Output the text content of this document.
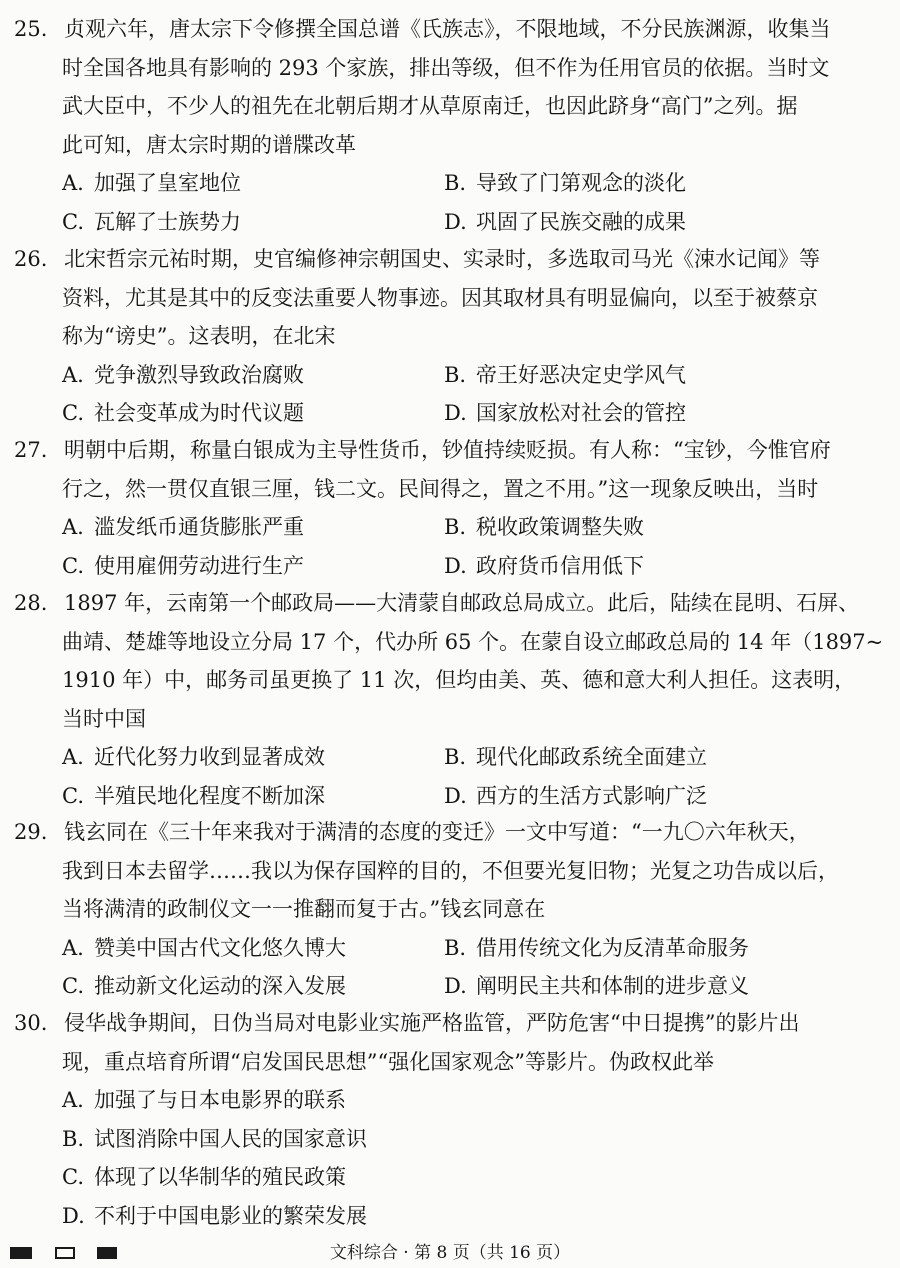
25. 贞观六年，唐太宗下令修撰全国总谱《氏族志》，不限地域，不分民族渊源，收集当
时全国各地具有影响的 293 个家族，排出等级，但不作为任用官员的依据。当时文
武大臣中，不少人的祖先在北朝后期才从草原南迁，也因此跻身“高门”之列。据
此可知，唐太宗时期的谱牒改革
A. 加强了皇室地位	B. 导致了门第观念的淡化
C. 瓦解了士族势力	D. 巩固了民族交融的成果
26. 北宋哲宗元祐时期，史官编修神宗朝国史、实录时，多选取司马光《涑水记闻》等
资料，尤其是其中的反变法重要人物事迹。因其取材具有明显偏向，以至于被蔡京
称为“谤史”。这表明，在北宋
A. 党争激烈导致政治腐败	B. 帝王好恶决定史学风气
C. 社会变革成为时代议题	D. 国家放松对社会的管控
27. 明朝中后期，称量白银成为主导性货币，钞值持续贬损。有人称：“宝钞，今惟官府
行之，然一贯仅直银三厘，钱二文。民间得之，置之不用。”这一现象反映出，当时
A. 滥发纸币通货膨胀严重	B. 税收政策调整失败
C. 使用雇佣劳动进行生产	D. 政府货币信用低下
28. 1897 年，云南第一个邮政局——大清蒙自邮政总局成立。此后，陆续在昆明、石屏、
曲靖、楚雄等地设立分局 17 个，代办所 65 个。在蒙自设立邮政总局的 14 年（1897~
1910 年）中，邮务司虽更换了 11 次，但均由美、英、德和意大利人担任。这表明，
当时中国
A. 近代化努力收到显著成效	B. 现代化邮政系统全面建立
C. 半殖民地化程度不断加深	D. 西方的生活方式影响广泛
29. 钱玄同在《三十年来我对于满清的态度的变迁》一文中写道：“一九〇六年秋天，
我到日本去留学……我以为保存国粹的目的，不但要光复旧物；光复之功告成以后，
当将满清的政制仪文一一推翻而复于古。”钱玄同意在
A. 赞美中国古代文化悠久博大	B. 借用传统文化为反清革命服务
C. 推动新文化运动的深入发展	D. 阐明民主共和体制的进步意义
30. 侵华战争期间，日伪当局对电影业实施严格监管，严防危害“中日提携”的影片出
现，重点培育所谓“启发国民思想”“强化国家观念”等影片。伪政权此举
A. 加强了与日本电影界的联系
B. 试图消除中国人民的国家意识
C. 体现了以华制华的殖民政策
D. 不利于中国电影业的繁荣发展
文科综合 · 第 8 页（共 16 页）
